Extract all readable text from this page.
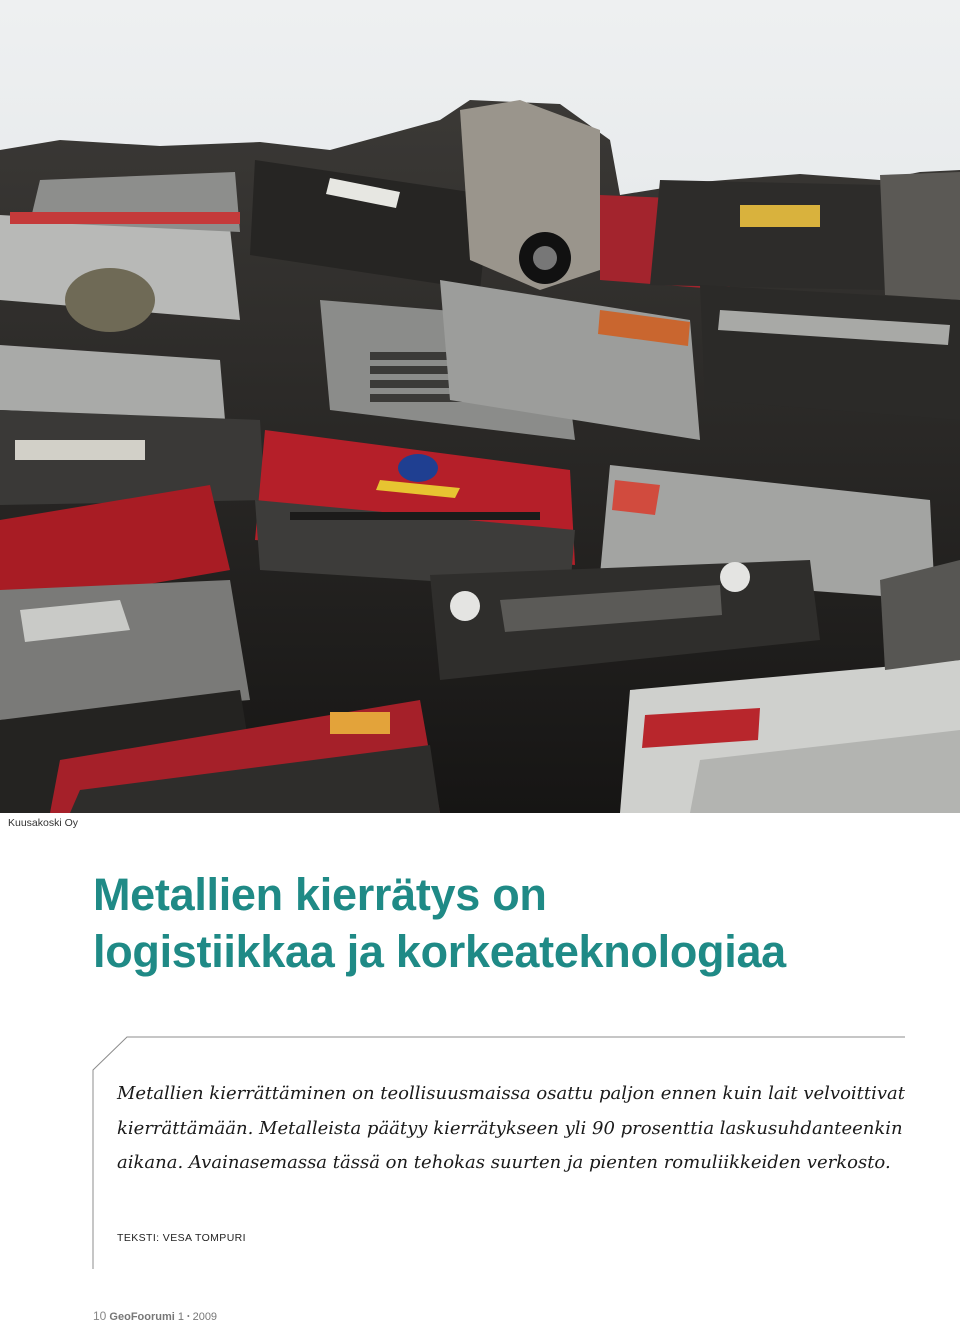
Kuusakoski Oy
Metallien kierrätys on
logistiikkaa ja korkeateknologiaa
Metallien kierrättäminen on teollisuusmaissa osattu paljon ennen kuin lait velvoittivat
kierrättämään. Metalleista päätyy kierrätykseen yli 90 prosenttia laskusuhdanteenkin
aikana. Avainasemassa tässä on tehokas suurten ja pienten romuliikkeiden verkosto.
TEKSTI: VESA TOMPURI
10 GeoFoorumi 1 • 2009
